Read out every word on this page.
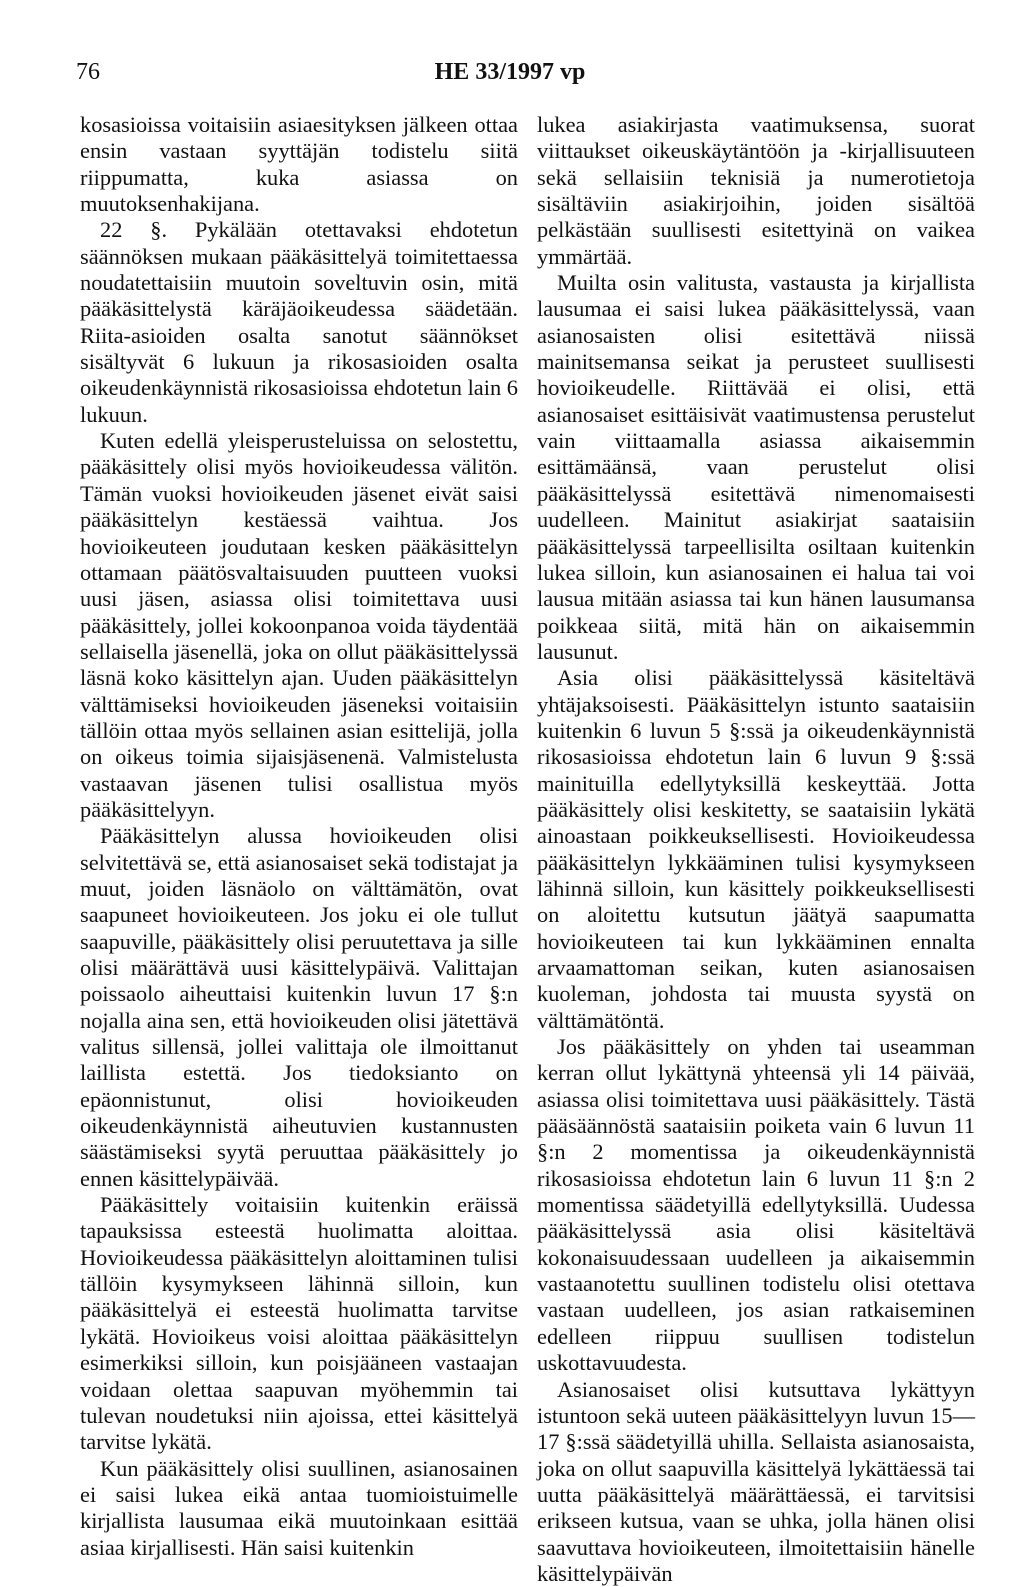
76	HE 33/1997 vp

kosasioissa voitaisiin asiaesityksen jälkeen ottaa ensin vastaan syyttäjän todistelu siitä riippumatta, kuka asiassa on muutoksenhakijana.

22 §. Pykälään otettavaksi ehdotetun säännöksen mukaan pääkäsittelyä toimitettaessa noudatettaisiin muutoin soveltuvin osin, mitä pääkäsittelystä käräjäoikeudessa säädetään. Riita-asioiden osalta sanotut säännökset sisältyvät 6 lukuun ja rikosasioiden osalta oikeudenkäynnistä rikosasioissa ehdotetun lain 6 lukuun.

Kuten edellä yleisperusteluissa on selostettu, pääkäsittely olisi myös hovioikeudessa välitön. Tämän vuoksi hovioikeuden jäsenet eivät saisi pääkäsittelyn kestäessä vaihtua. Jos hovioikeuteen joudutaan kesken pääkäsittelyn ottamaan päätösvaltaisuuden puutteen vuoksi uusi jäsen, asiassa olisi toimitettava uusi pääkäsittely, jollei kokoonpanoa voida täydentää sellaisella jäsenellä, joka on ollut pääkäsittelyssä läsnä koko käsittelyn ajan. Uuden pääkäsittelyn välttämiseksi hovioikeuden jäseneksi voitaisiin tällöin ottaa myös sellainen asian esittelijä, jolla on oikeus toimia sijaisjäsenenä. Valmistelusta vastaavan jäsenen tulisi osallistua myös pääkäsittelyyn.

Pääkäsittelyn alussa hovioikeuden olisi selvitettävä se, että asianosaiset sekä todistajat ja muut, joiden läsnäolo on välttämätön, ovat saapuneet hovioikeuteen. Jos joku ei ole tullut saapuville, pääkäsittely olisi peruutettava ja sille olisi määrättävä uusi käsittelypäivä. Valittajan poissaolo aiheuttaisi kuitenkin luvun 17 §:n nojalla aina sen, että hovioikeuden olisi jätettävä valitus sillensä, jollei valittaja ole ilmoittanut laillista estettä. Jos tiedoksianto on epäonnistunut, olisi hovioikeuden oikeudenkäynnistä aiheutuvien kustannusten säästämiseksi syytä peruuttaa pääkäsittely jo ennen käsittelypäivää.

Pääkäsittely voitaisiin kuitenkin eräissä tapauksissa esteestä huolimatta aloittaa. Hovioikeudessa pääkäsittelyn aloittaminen tulisi tällöin kysymykseen lähinnä silloin, kun pääkäsittelyä ei esteestä huolimatta tarvitse lykätä. Hovioikeus voisi aloittaa pääkäsittelyn esimerkiksi silloin, kun poisjääneen vastaajan voidaan olettaa saapuvan myöhemmin tai tulevan noudetuksi niin ajoissa, ettei käsittelyä tarvitse lykätä.

Kun pääkäsittely olisi suullinen, asianosainen ei saisi lukea eikä antaa tuomioistuimelle kirjallista lausumaa eikä muutoinkaan esittää asiaa kirjallisesti. Hän saisi kuitenkin

lukea asiakirjasta vaatimuksensa, suorat viittaukset oikeuskäytäntöön ja -kirjallisuuteen sekä sellaisiin teknisiä ja numerotietoja sisältäviin asiakirjoihin, joiden sisältöä pelkästään suullisesti esitettyinä on vaikea ymmärtää.

Muilta osin valitusta, vastausta ja kirjallista lausumaa ei saisi lukea pääkäsittelyssä, vaan asianosaisten olisi esitettävä niissä mainitsemansa seikat ja perusteet suullisesti hovioikeudelle. Riittävää ei olisi, että asianosaiset esittäisivät vaatimustensa perustelut vain viittaamalla asiassa aikaisemmin esittämäänsä, vaan perustelut olisi pääkäsittelyssä esitettävä nimenomaisesti uudelleen. Mainitut asiakirjat saataisiin pääkäsittelyssä tarpeellisilta osiltaan kuitenkin lukea silloin, kun asianosainen ei halua tai voi lausua mitään asiassa tai kun hänen lausumansa poikkeaa siitä, mitä hän on aikaisemmin lausunut.

Asia olisi pääkäsittelyssä käsiteltävä yhtäjaksoisesti. Pääkäsittelyn istunto saataisiin kuitenkin 6 luvun 5 §:ssä ja oikeudenkäynnistä rikosasioissa ehdotetun lain 6 luvun 9 §:ssä mainituilla edellytyksillä keskeyttää. Jotta pääkäsittely olisi keskitetty, se saataisiin lykätä ainoastaan poikkeuksellisesti. Hovioikeudessa pääkäsittelyn lykkääminen tulisi kysymykseen lähinnä silloin, kun käsittely poikkeuksellisesti on aloitettu kutsutun jäätyä saapumatta hovioikeuteen tai kun lykkääminen ennalta arvaamattoman seikan, kuten asianosaisen kuoleman, johdosta tai muusta syystä on välttämätöntä.

Jos pääkäsittely on yhden tai useamman kerran ollut lykättynä yhteensä yli 14 päivää, asiassa olisi toimitettava uusi pääkäsittely. Tästä pääsäännöstä saataisiin poiketa vain 6 luvun 11 §:n 2 momentissa ja oikeudenkäynnistä rikosasioissa ehdotetun lain 6 luvun 11 §:n 2 momentissa säädetyillä edellytyksillä. Uudessa pääkäsittelyssä asia olisi käsiteltävä kokonaisuudessaan uudelleen ja aikaisemmin vastaanotettu suullinen todistelu olisi otettava vastaan uudelleen, jos asian ratkaiseminen edelleen riippuu suullisen todistelun uskottavuudesta.

Asianosaiset olisi kutsuttava lykättyyn istuntoon sekä uuteen pääkäsittelyyn luvun 15—17 §:ssä säädetyillä uhilla. Sellaista asianosaista, joka on ollut saapuvilla käsittelyä lykättäessä tai uutta pääkäsittelyä määrättäessä, ei tarvitsisi erikseen kutsua, vaan se uhka, jolla hänen olisi saavuttava hovioikeuteen, ilmoitettaisiin hänelle käsittelypäivän
